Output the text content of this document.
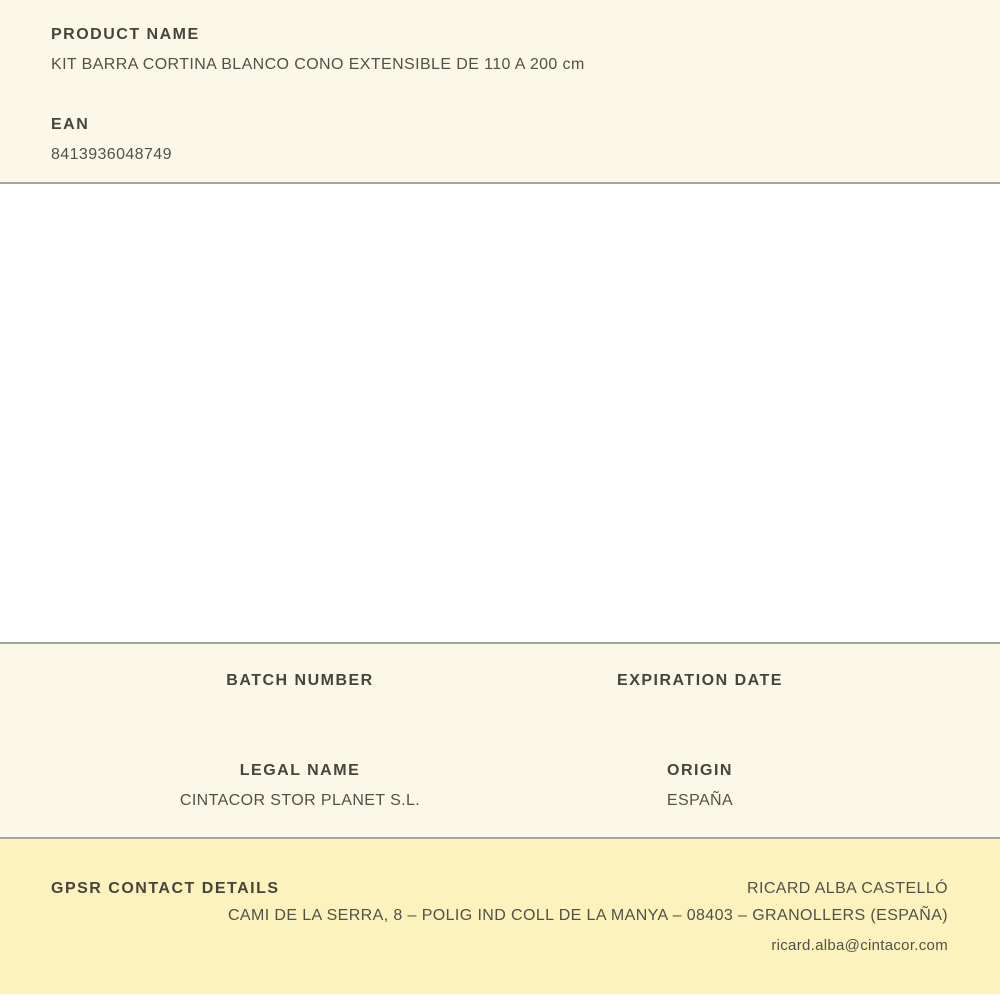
PRODUCT NAME
KIT BARRA CORTINA BLANCO CONO EXTENSIBLE DE 110 A 200 cm
EAN
8413936048749
BATCH NUMBER	EXPIRATION DATE
LEGAL NAME
CINTACOR STOR PLANET S.L.
ORIGIN
ESPAÑA
GPSR CONTACT DETAILS	RICARD ALBA CASTELLÓ
CAMI DE LA SERRA, 8 – POLIG IND COLL DE LA MANYA – 08403 – GRANOLLERS (ESPAÑA)
ricard.alba@cintacor.com
